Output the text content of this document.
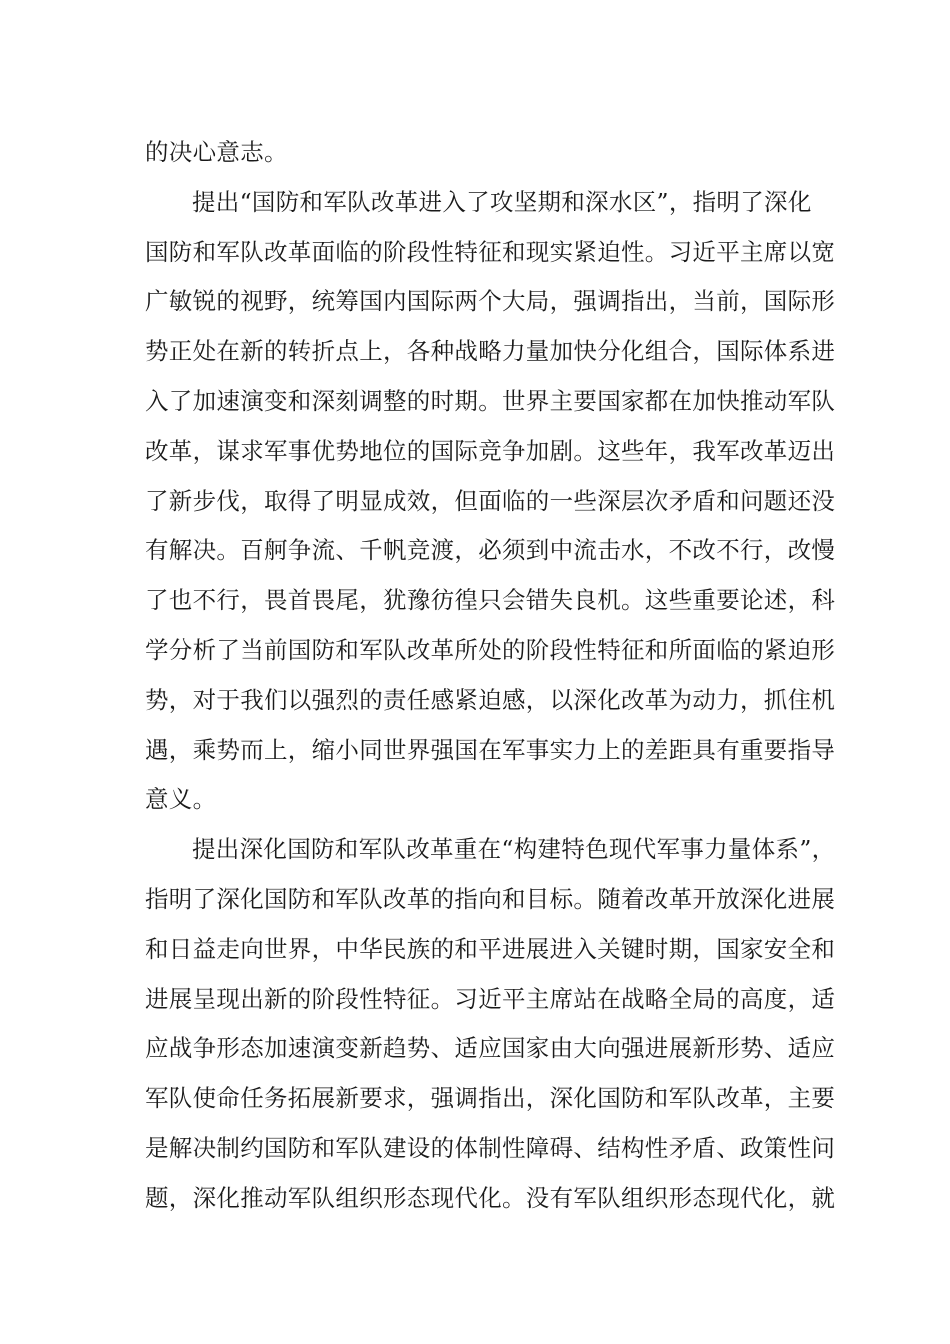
的决心意志。
提出“国防和军队改革进入了攻坚期和深水区”，指明了深化
国防和军队改革面临的阶段性特征和现实紧迫性。习近平主席以宽
广敏锐的视野，统筹国内国际两个大局，强调指出，当前，国际形
势正处在新的转折点上，各种战略力量加快分化组合，国际体系进
入了加速演变和深刻调整的时期。世界主要国家都在加快推动军队
改革，谋求军事优势地位的国际竞争加剧。这些年，我军改革迈出
了新步伐，取得了明显成效，但面临的一些深层次矛盾和问题还没
有解决。百舸争流、千帆竞渡，必须到中流击水，不改不行，改慢
了也不行，畏首畏尾，犹豫彷徨只会错失良机。这些重要论述，科
学分析了当前国防和军队改革所处的阶段性特征和所面临的紧迫形
势，对于我们以强烈的责任感紧迫感，以深化改革为动力，抓住机
遇，乘势而上，缩小同世界强国在军事实力上的差距具有重要指导
意义。
提出深化国防和军队改革重在“构建特色现代军事力量体系”，
指明了深化国防和军队改革的指向和目标。随着改革开放深化进展
和日益走向世界，中华民族的和平进展进入关键时期，国家安全和
进展呈现出新的阶段性特征。习近平主席站在战略全局的高度，适
应战争形态加速演变新趋势、适应国家由大向强进展新形势、适应
军队使命任务拓展新要求，强调指出，深化国防和军队改革，主要
是解决制约国防和军队建设的体制性障碍、结构性矛盾、政策性问
题，深化推动军队组织形态现代化。没有军队组织形态现代化，就
